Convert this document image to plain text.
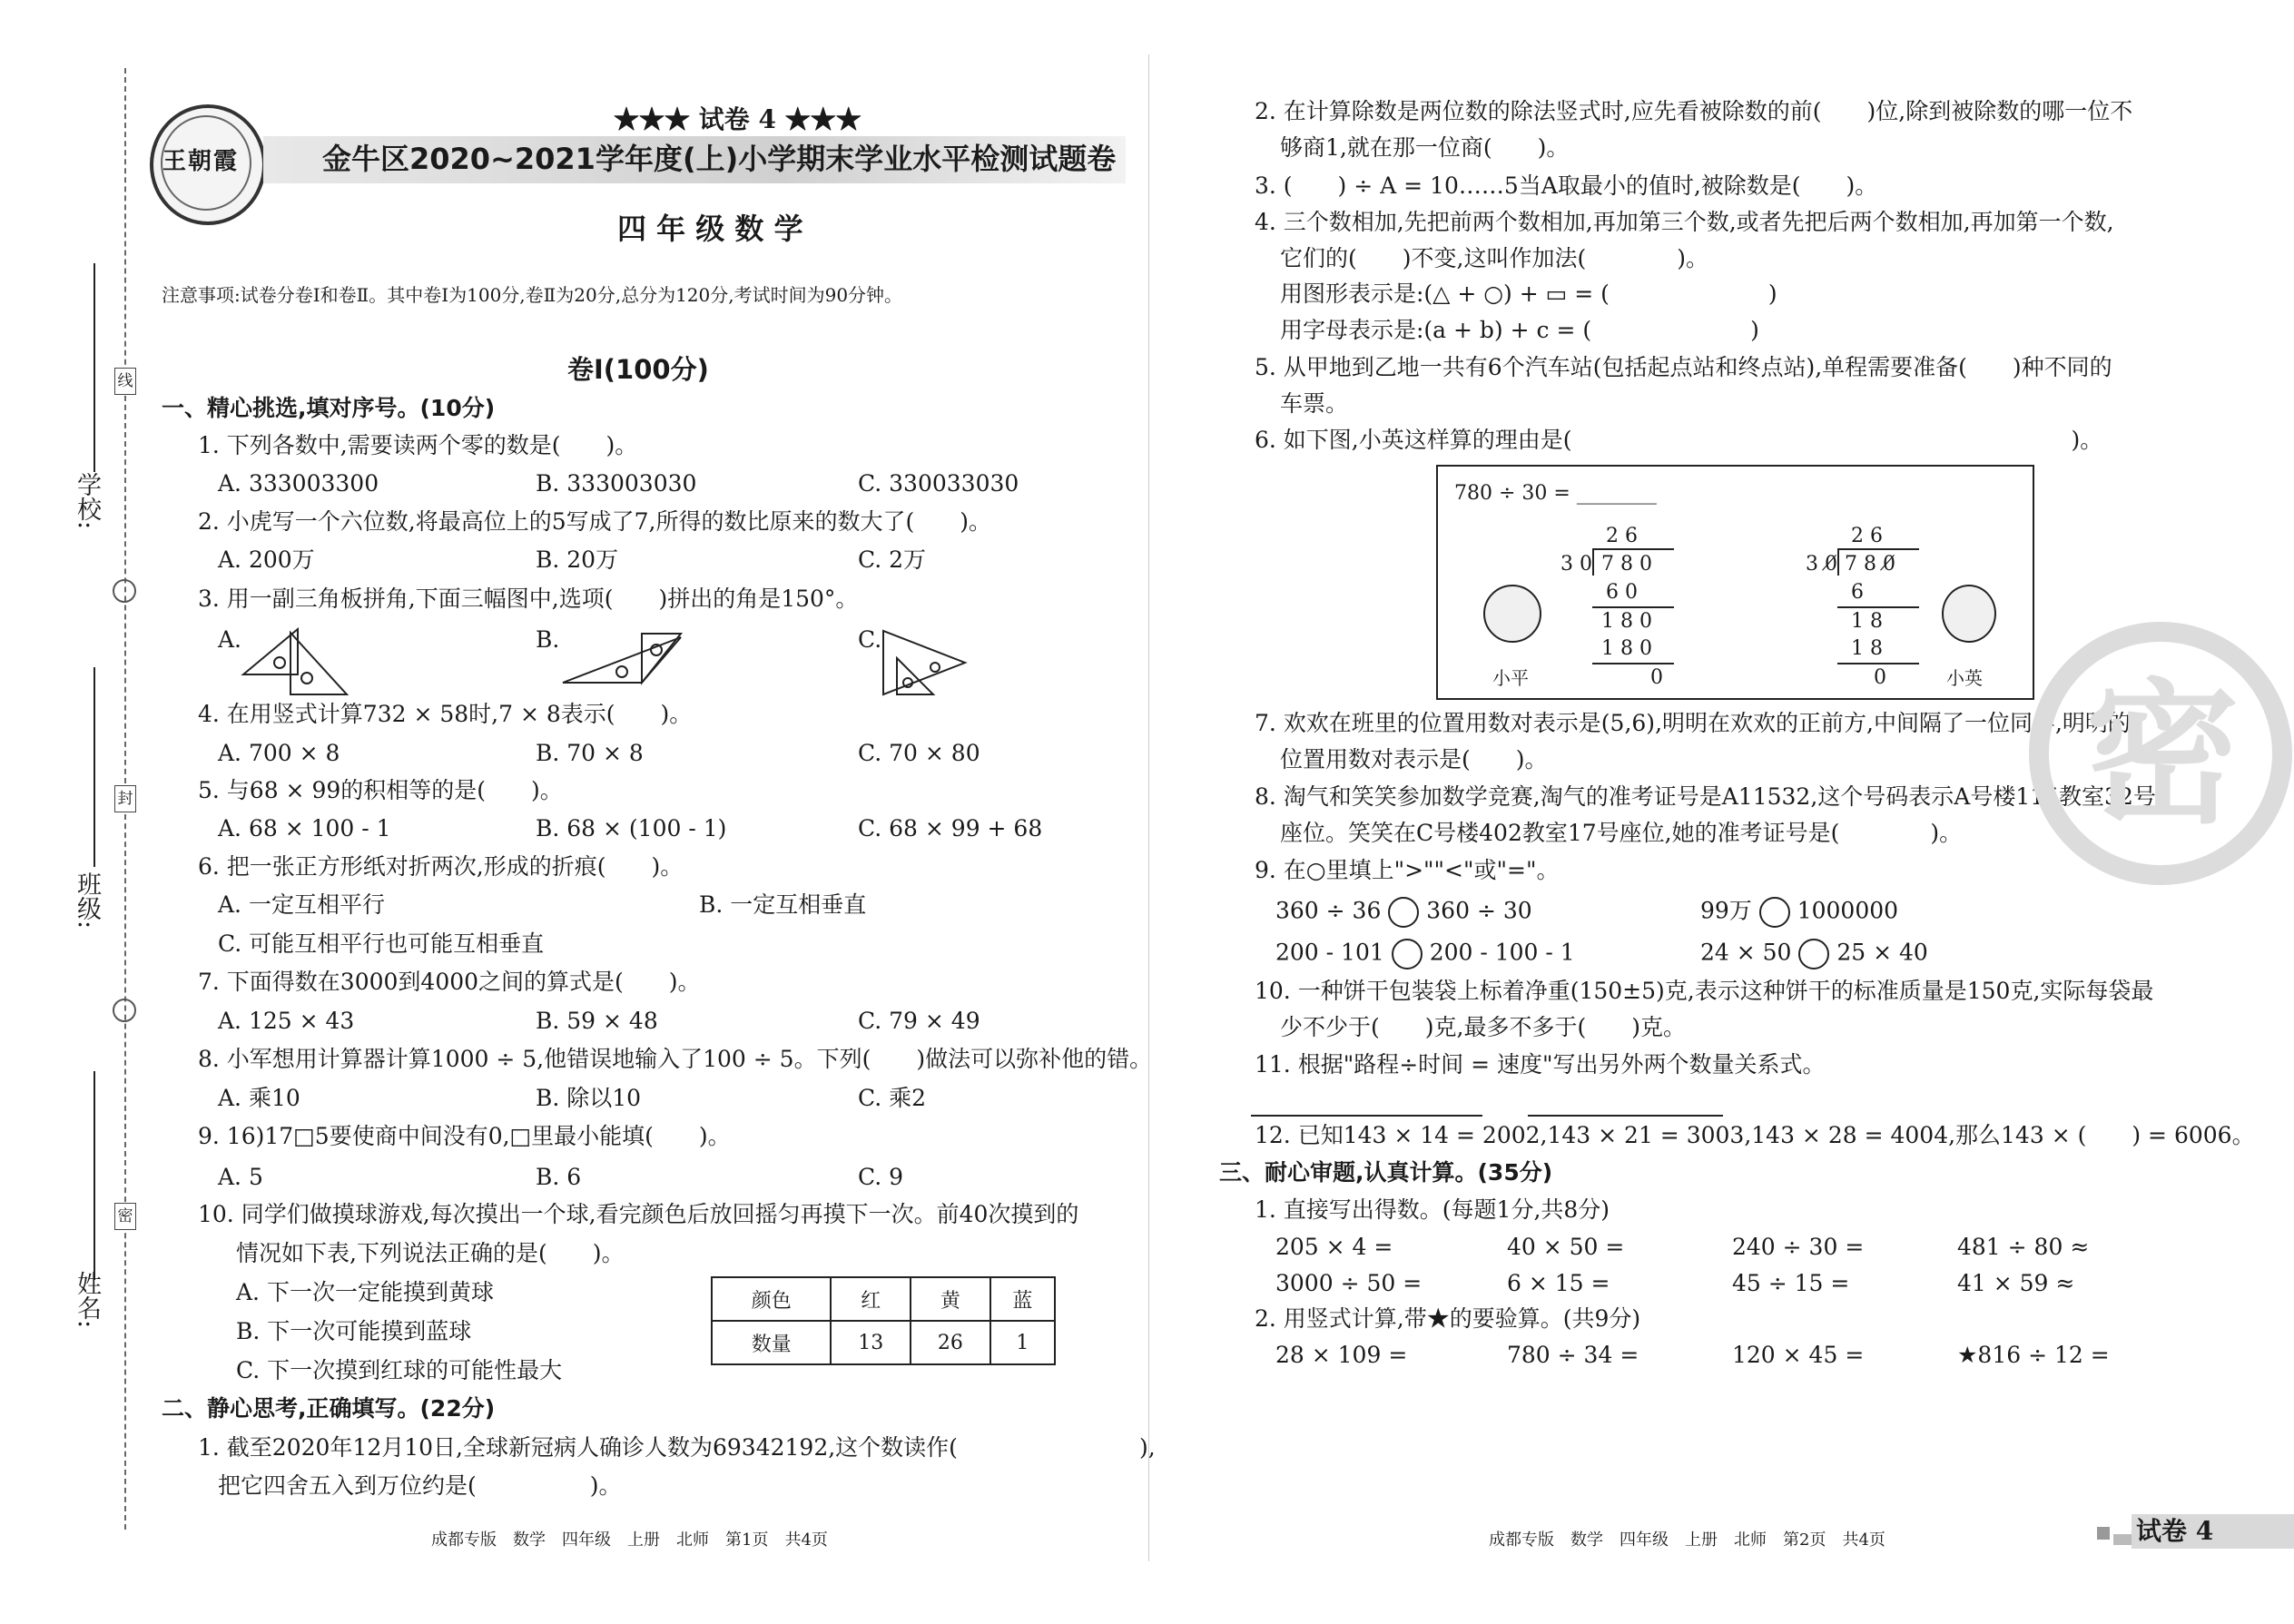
线
封
密
学校:
班级:
姓名:
王朝霞
★★★ 试卷 4 ★★★
金牛区2020~2021学年度(上)小学期末学业水平检测试题卷
四 年 级 数 学
注意事项:试卷分卷Ⅰ和卷Ⅱ。其中卷Ⅰ为100分,卷Ⅱ为20分,总分为120分,考试时间为90分钟。
卷Ⅰ(100分)
一、精心挑选,填对序号。(10分)
1. 下列各数中,需要读两个零的数是(　　)。
A. 333003300	B. 333003030	C. 330033030
2. 小虎写一个六位数,将最高位上的5写成了7,所得的数比原来的数大了(　　)。
A. 200万	B. 20万	C. 2万
3. 用一副三角板拼角,下面三幅图中,选项(　　)拼出的角是150°。
A.	B.	C.
4. 在用竖式计算732 × 58时,7 × 8表示(　　)。
A. 700 × 8	B. 70 × 8	C. 70 × 80
5. 与68 × 99的积相等的是(　　)。
A. 68 × 100 - 1	B. 68 × (100 - 1)	C. 68 × 99 + 68
6. 把一张正方形纸对折两次,形成的折痕(　　)。
A. 一定互相平行	B. 一定互相垂直
C. 可能互相平行也可能互相垂直
7. 下面得数在3000到4000之间的算式是(　　)。
A. 125 × 43	B. 59 × 48	C. 79 × 49
8. 小军想用计算器计算1000 ÷ 5,他错误地输入了100 ÷ 5。下列(　　)做法可以弥补他的错。
A. 乘10	B. 除以10	C. 乘2
9. 16)17□5要使商中间没有0,□里最小能填(　　)。
A. 5	B. 6	C. 9
10. 同学们做摸球游戏,每次摸出一个球,看完颜色后放回摇匀再摸下一次。前40次摸到的
情况如下表,下列说法正确的是(　　)。
A. 下一次一定能摸到黄球
B. 下一次可能摸到蓝球
C. 下一次摸到红球的可能性最大
颜色	红	黄	蓝
数量	13	26	1
二、静心思考,正确填写。(22分)
1. 截至2020年12月10日,全球新冠病人确诊人数为69342192,这个数读作(　　　　　　　　),
把它四舍五入到万位约是(　　　　　)。
2. 在计算除数是两位数的除法竖式时,应先看被除数的前(　　)位,除到被除数的哪一位不
够商1,就在那一位商(　　)。
3. (　　) ÷ A = 10……5当A取最小的值时,被除数是(　　)。
4. 三个数相加,先把前两个数相加,再加第三个数,或者先把后两个数相加,再加第一个数,
它们的(　　)不变,这叫作加法(　　　　)。
用图形表示是:(△ + ○) + ▭ = (　　　　　　　)
用字母表示是:(a + b) + c = (　　　　　　　)
5. 从甲地到乙地一共有6个汽车站(包括起点站和终点站),单程需要准备(　　)种不同的
车票。
6. 如下图,小英这样算的理由是(　　　　　　　　　　　　　　　　　　　　　　)。
780 ÷ 30 = ________
2 6
3 0 7 8 0
6 0
1 8 0
1 8 0
0
小平
2 6
3 0̸ 7 8 0̸
6
1 8
1 8
0	小英
7. 欢欢在班里的位置用数对表示是(5,6),明明在欢欢的正前方,中间隔了一位同学,明明的
位置用数对表示是(　　)。
8. 淘气和笑笑参加数学竞赛,淘气的准考证号是A11532,这个号码表示A号楼115教室32号
座位。笑笑在C号楼402教室17号座位,她的准考证号是(　　　　)。
9. 在○里填上">""<"或"="。
360 ÷ 36 360 ÷ 30	99万 1000000
200 - 101 200 - 100 - 1	24 × 50 25 × 40
10. 一种饼干包装袋上标着净重(150±5)克,表示这种饼干的标准质量是150克,实际每袋最
少不少于(　　)克,最多不多于(　　)克。
11. 根据"路程÷时间 = 速度"写出另外两个数量关系式。
12. 已知143 × 14 = 2002,143 × 21 = 3003,143 × 28 = 4004,那么143 × (　　) = 6006。
三、耐心审题,认真计算。(35分)
1. 直接写出得数。(每题1分,共8分)
205 × 4 =	40 × 50 =	240 ÷ 30 =	481 ÷ 80 ≈
3000 ÷ 50 =	6 × 15 =	45 ÷ 15 =	41 × 59 ≈
2. 用竖式计算,带★的要验算。(共9分)
28 × 109 =	780 ÷ 34 =	120 × 45 =	★816 ÷ 12 =
密
成都专版　数学　四年级　上册　北师　第1页　共4页	成都专版　数学　四年级　上册　北师　第2页　共4页	试卷 4
